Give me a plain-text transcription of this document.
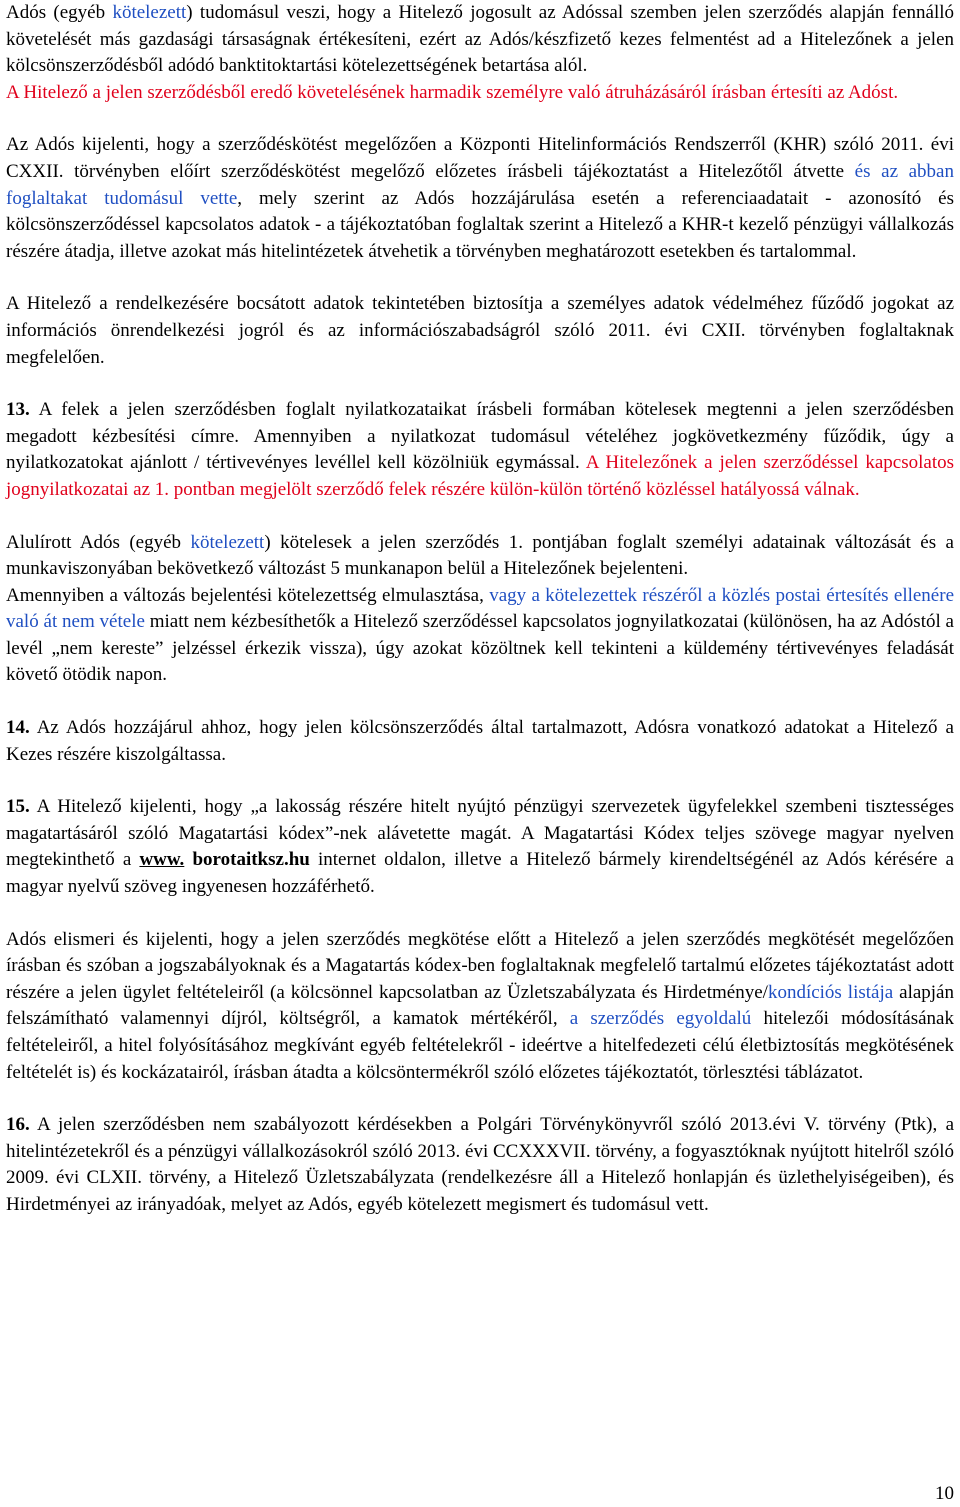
Adós (egyéb kötelezett) tudomásul veszi, hogy a Hitelező jogosult az Adóssal szemben jelen szerződés alapján fennálló követelését más gazdasági társaságnak értékesíteni, ezért az Adós/készfizető kezes felmentést ad a Hitelezőnek a jelen kölcsönszerződésből adódó banktitoktartási kötelezettségének betartása alól.

A Hitelező a jelen szerződésből eredő követelésének harmadik személyre való átruházásáról írásban értesíti az Adóst.

Az Adós kijelenti, hogy a szerződéskötést megelőzően a Központi Hitelinformációs Rendszerről (KHR) szóló 2011. évi CXXII. törvényben előírt szerződéskötést megelőző előzetes írásbeli tájékoztatást a Hitelezőtől átvette és az abban foglaltakat tudomásul vette, mely szerint az Adós hozzájárulása esetén a referenciaadatait - azonosító és kölcsönszerződéssel kapcsolatos adatok - a tájékoztatóban foglaltak szerint a Hitelező a KHR-t kezelő pénzügyi vállalkozás részére átadja, illetve azokat más hitelintézetek átvehetik a törvényben meghatározott esetekben és tartalommal.

A Hitelező a rendelkezésére bocsátott adatok tekintetében biztosítja a személyes adatok védelméhez fűződő jogokat az információs önrendelkezési jogról és az információszabadságról szóló 2011. évi CXII. törvényben foglaltaknak megfelelően.

13. A felek a jelen szerződésben foglalt nyilatkozataikat írásbeli formában kötelesek megtenni a jelen szerződésben megadott kézbesítési címre. Amennyiben a nyilatkozat tudomásul vételéhez jogkövetkezmény fűződik, úgy a nyilatkozatokat ajánlott / tértivevényes levéllel kell közölniük egymással. A Hitelezőnek a jelen szerződéssel kapcsolatos jognyilatkozatai az 1. pontban megjelölt szerződő felek részére külön-külön történő közléssel hatályossá válnak.

Alulírott Adós (egyéb kötelezett) kötelesek a jelen szerződés 1. pontjában foglalt személyi adatainak változását és a munkaviszonyában bekövetkező változást 5 munkanapon belül a Hitelezőnek bejelenteni.

Amennyiben a változás bejelentési kötelezettség elmulasztása, vagy a kötelezettek részéről a közlés postai értesítés ellenére való át nem vétele miatt nem kézbesíthetők a Hitelező szerződéssel kapcsolatos jognyilatkozatai (különösen, ha az Adóstól a levél „nem kereste” jelzéssel érkezik vissza), úgy azokat közöltnek kell tekinteni a küldemény tértivevényes feladását követő ötödik napon.

14. Az Adós hozzájárul ahhoz, hogy jelen kölcsönszerződés által tartalmazott, Adósra vonatkozó adatokat a Hitelező a Kezes részére kiszolgáltassa.

15. A Hitelező kijelenti, hogy „a lakosság részére hitelt nyújtó pénzügyi szervezetek ügyfelekkel szembeni tisztességes magatartásáról szóló Magatartási kódex”-nek alávetette magát. A Magatartási Kódex teljes szövege magyar nyelven megtekinthető a www. borotaitksz.hu internet oldalon, illetve a Hitelező bármely kirendeltségénél az Adós kérésére a magyar nyelvű szöveg ingyenesen hozzáférhető.

Adós elismeri és kijelenti, hogy a jelen szerződés megkötése előtt a Hitelező a jelen szerződés megkötését megelőzően írásban és szóban a jogszabályoknak és a Magatartás kódex-ben foglaltaknak megfelelő tartalmú előzetes tájékoztatást adott részére a jelen ügylet feltételeiről (a kölcsönnel kapcsolatban az Üzletszabályzata és Hirdetménye/kondíciós listája alapján felszámítható valamennyi díjról, költségről, a kamatok mértékéről, a szerződés egyoldalú hitelezői módosításának feltételeiről, a hitel folyósításához megkívánt egyéb feltételekről - ideértve a hitelfedezeti célú életbiztosítás megkötésének feltételét is) és kockázatairól, írásban átadta a kölcsöntermékről szóló előzetes tájékoztatót, törlesztési táblázatot.

16. A jelen szerződésben nem szabályozott kérdésekben a Polgári Törvénykönyvről szóló 2013.évi V. törvény (Ptk), a hitelintézetekről és a pénzügyi vállalkozásokról szóló 2013. évi CCXXXVII. törvény, a fogyasztóknak nyújtott hitelről szóló 2009. évi CLXII. törvény, a Hitelező Üzletszabályzata (rendelkezésre áll a Hitelező honlapján és üzlethelyiségeiben), és Hirdetményei az irányadóak, melyet az Adós, egyéb kötelezett megismert és tudomásul vett.

10
